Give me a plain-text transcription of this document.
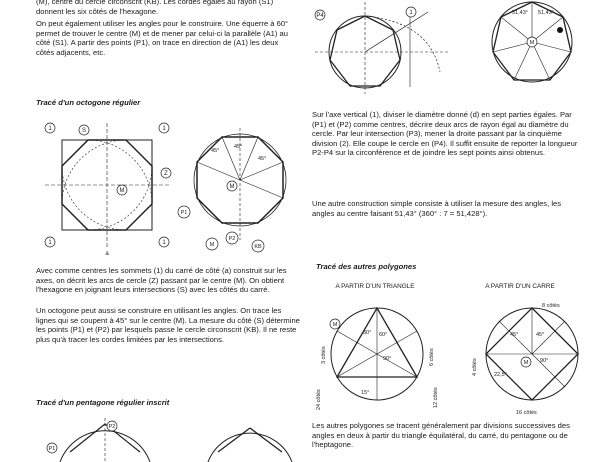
(M), centre du cercle circonscrit (KB). Les cordes égales au rayon (S1) donnent les six côtés de l'hexagone.

On peut également utiliser les angles pour le construire. Une équerre à 60° permet de trouver le centre (M) et de mener par celui-ci la parallèle (A1) au côté (S1). A partir des points (P1), on trace en direction de (A1) les deux côtés adjacents, etc.

Tracé d'un octogone régulier

Avec comme centres les sommets (1) du carré de côté (a) construit sur les axes, on décrit les arcs de cercle (Z) passant par le centre (M). On obtient l'hexagone en joignant leurs intersections (S) avec les côtés du carré.

Un octogone peut aussi se construire en utilisant les angles. On trace les lignes qui se coupent à 45° sur le centre (M). La mesure du côté (S) détermine les points (P1) et (P2) par lesquels passe le cercle circonscrit (KB). Il ne reste plus qu'à tracer les cordes limitées par les intersections.

Tracé d'un pentagone régulier inscrit

Sur l'axe vertical (1), diviser le diamètre donné (d) en sept parties égales. Par (P1) et (P2) comme centres, décrire deux arcs de rayon égal au diamètre du cercle. Par leur intersection (P3), mener la droite passant par la cinquième division (2). Elle coupe le cercle en (P4). Il suffit ensuite de reporter la longueur P2-P4 sur la circonférence et de joindre les sept points ainsi obtenus.

Une autre construction simple consiste à utiliser la mesure des angles, les angles au centre faisant 51,43° (360° : 7 = 51,428°).

Tracé des autres polygones

A PARTIR D'UN TRIANGLE	A PARTIR D'UN CARRE

Les autres polygones se tracent généralement par divisions successives des angles en deux à partir du triangle équilatéral, du carré, du pentagone ou de l'heptagone.

P4	1
M
51,43° 51,43°
1	S	1
M
1	1
Z
a
M
45°
45°
45°
P1
M
P2
KB
30° 60°
90°
15°
3 côtés	6 côtés
12 côtés
24 côtés
M
45°	45°
22,5°
90°
8 côtés
4 côtés
16 côtés
M
P2
P1
